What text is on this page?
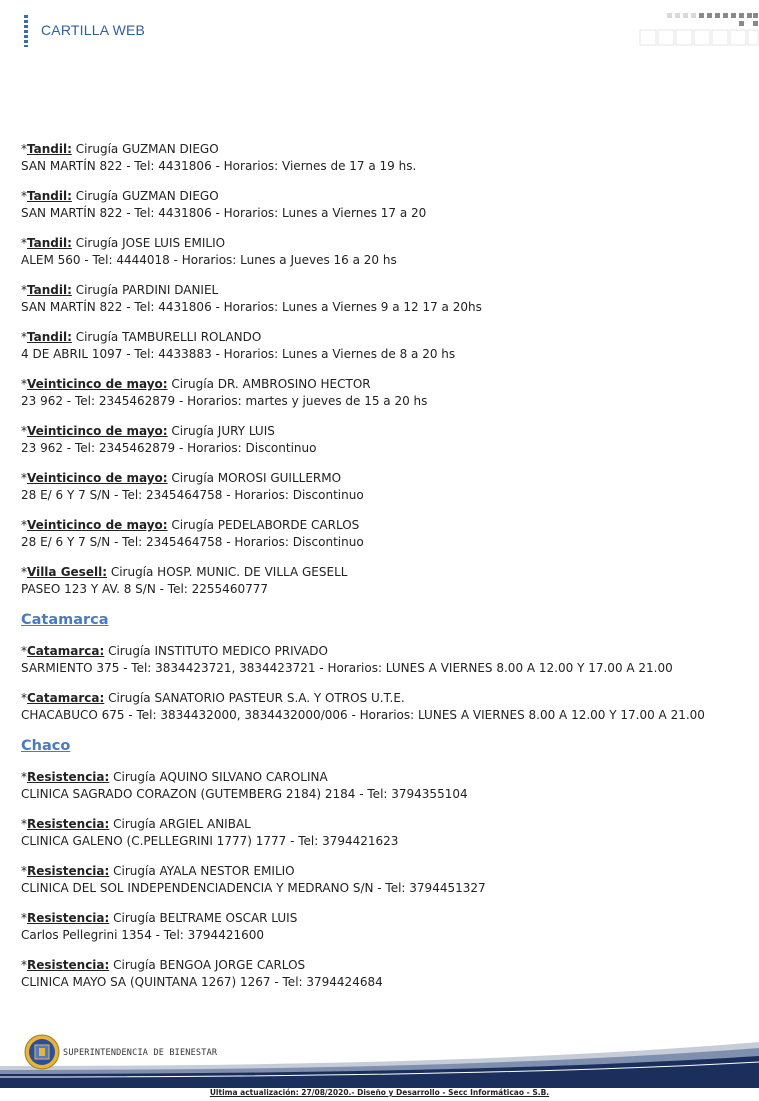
CARTILLA WEB
*Tandil: Cirugía GUZMAN DIEGO
SAN MARTÍN 822 - Tel: 4431806 - Horarios: Viernes de 17 a 19 hs.
*Tandil: Cirugía GUZMAN DIEGO
SAN MARTÍN 822 - Tel: 4431806 - Horarios: Lunes a Viernes 17 a 20
*Tandil: Cirugía JOSE LUIS EMILIO
ALEM 560 - Tel: 4444018 - Horarios: Lunes a Jueves 16 a 20 hs
*Tandil: Cirugía PARDINI DANIEL
SAN MARTÍN 822 - Tel: 4431806 - Horarios: Lunes a Viernes 9 a 12 17 a 20hs
*Tandil: Cirugía TAMBURELLI ROLANDO
4 DE ABRIL 1097 - Tel: 4433883 - Horarios: Lunes a Viernes de 8 a 20 hs
*Veinticinco de mayo: Cirugía DR. AMBROSINO HECTOR
23 962 - Tel: 2345462879 - Horarios: martes y jueves de 15 a 20 hs
*Veinticinco de mayo: Cirugía JURY LUIS
23 962 - Tel: 2345462879 - Horarios: Discontinuo
*Veinticinco de mayo: Cirugía MOROSI GUILLERMO
28 E/ 6 Y 7 S/N - Tel: 2345464758 - Horarios: Discontinuo
*Veinticinco de mayo: Cirugía PEDELABORDE CARLOS
28 E/ 6 Y 7 S/N - Tel: 2345464758 - Horarios: Discontinuo
*Villa Gesell: Cirugía HOSP. MUNIC. DE VILLA GESELL
PASEO 123 Y AV. 8 S/N - Tel: 2255460777
Catamarca
*Catamarca: Cirugía INSTITUTO MEDICO PRIVADO
SARMIENTO 375 - Tel: 3834423721, 3834423721 - Horarios: LUNES A VIERNES 8.00 A 12.00 Y 17.00 A 21.00
*Catamarca: Cirugía SANATORIO PASTEUR S.A. Y OTROS U.T.E.
CHACABUCO 675 - Tel: 3834432000, 3834432000/006 - Horarios: LUNES A VIERNES 8.00 A 12.00 Y 17.00 A 21.00
Chaco
*Resistencia: Cirugía AQUINO SILVANO CAROLINA
CLINICA SAGRADO CORAZON (GUTEMBERG 2184) 2184 - Tel: 3794355104
*Resistencia: Cirugía ARGIEL ANIBAL
CLINICA GALENO (C.PELLEGRINI 1777) 1777 - Tel: 3794421623
*Resistencia: Cirugía AYALA NESTOR EMILIO
CLINICA DEL SOL INDEPENDENCIADENCIA Y MEDRANO S/N - Tel: 3794451327
*Resistencia: Cirugía BELTRAME OSCAR LUIS
Carlos Pellegrini 1354 - Tel: 3794421600
*Resistencia: Cirugía BENGOA JORGE CARLOS
CLINICA MAYO SA (QUINTANA 1267) 1267 - Tel: 3794424684
SUPERINTENDENCIA DE BIENESTAR
Ultima actualización: 27/08/2020.- Diseño y Desarrollo - Secc Informáticao - S.B.
